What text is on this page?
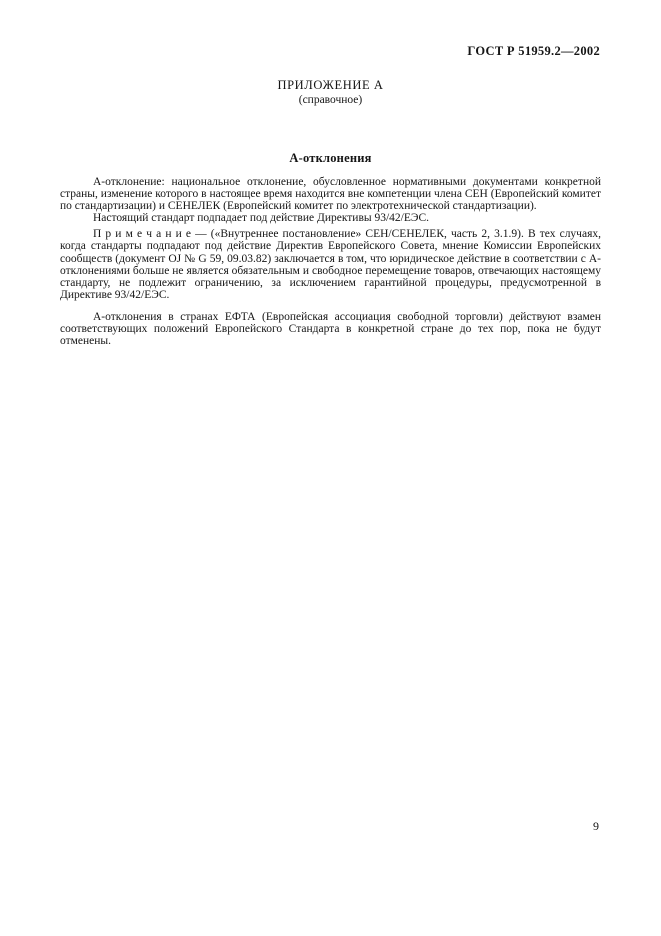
ГОСТ Р 51959.2—2002
ПРИЛОЖЕНИЕ А
(справочное)
А-отклонения

А-отклонение: национальное отклонение, обусловленное нормативными документами конкретной страны, изменение которого в настоящее время находится вне компетенции члена СЕН (Европейский комитет по стандартизации) и СЕНЕЛЕК (Европейский комитет по электротехнической стандартизации).

Настоящий стандарт подпадает под действие Директивы 93/42/ЕЭС.

П р и м е ч а н и е — («Внутреннее постановление» СЕН/СЕНЕЛЕК, часть 2, 3.1.9). В тех случаях, когда стандарты подпадают под действие Директив Европейского Совета, мнение Комиссии Европейских сообществ (документ OJ № G 59, 09.03.82) заключается в том, что юридическое действие в соответствии с А-отклонениями больше не является обязательным и свободное перемещение товаров, отвечающих настоящему стандарту, не подлежит ограничению, за исключением гарантийной процедуры, предусмотренной в Директиве 93/42/ЕЭС.

А-отклонения в странах ЕФТА (Европейская ассоциация свободной торговли) действуют взамен соответствующих положений Европейского Стандарта в конкретной стране до тех пор, пока не будут отменены.

9
